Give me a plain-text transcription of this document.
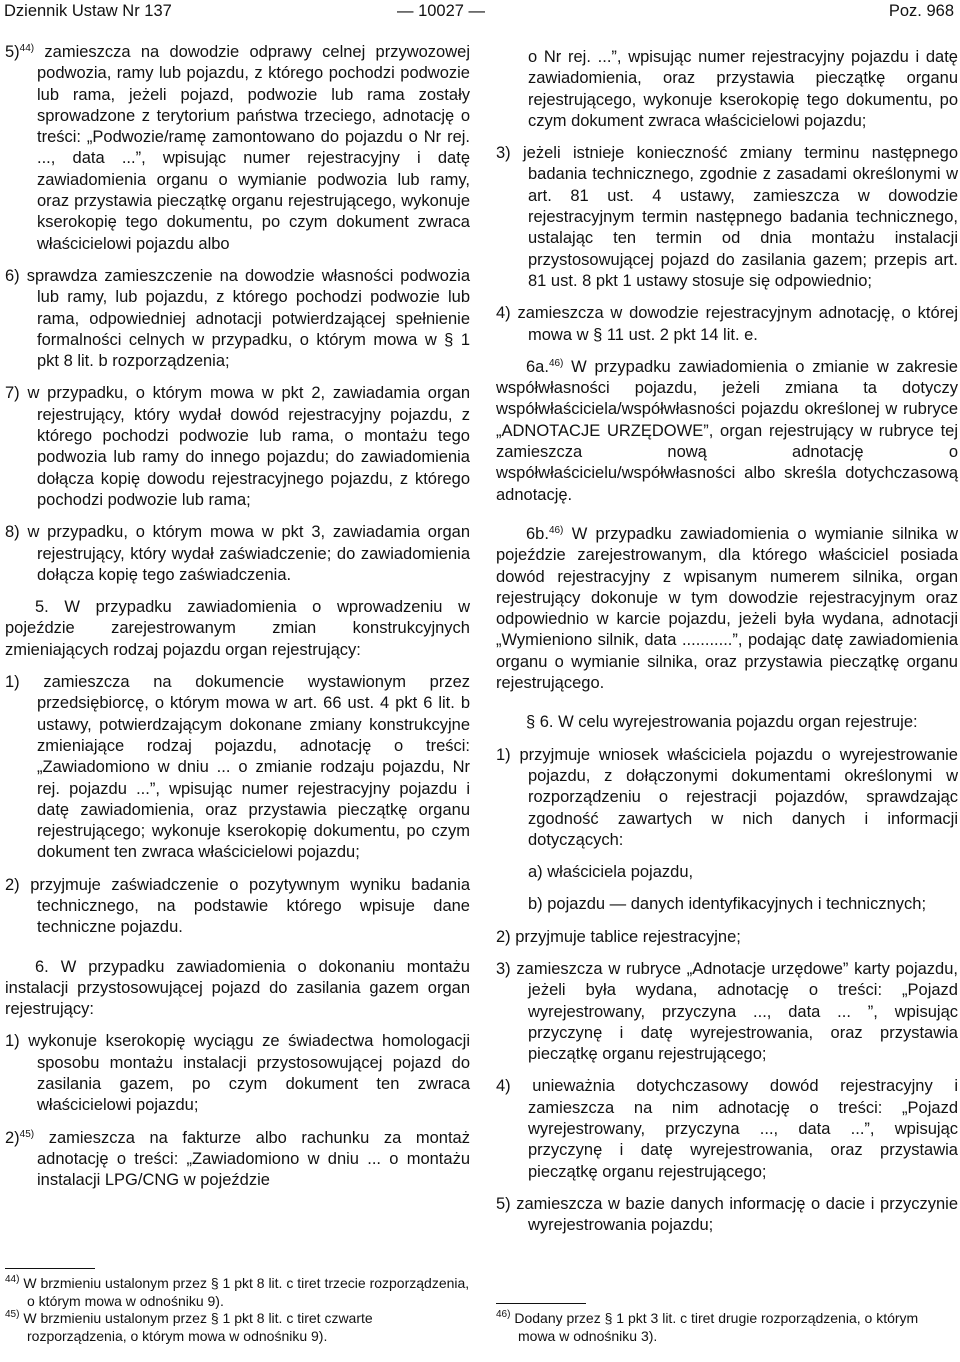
Dziennik Ustaw Nr 137	— 10027 —	Poz. 968

5)$^{44)}$ zamieszcza na dowodzie odprawy celnej przywozowej podwozia, ramy lub pojazdu, z którego pochodzi podwozie lub rama, jeżeli pojazd, podwozie lub rama zostały sprowadzone z terytorium państwa trzeciego, adnotację o treści: „Podwozie/ramę zamontowano do pojazdu o Nr rej. ..., data ...”, wpisując numer rejestracyjny i datę zawiadomienia organu o wymianie podwozia lub ramy, oraz przystawia pieczątkę organu rejestrującego, wykonuje kserokopię tego dokumentu, po czym dokument zwraca właścicielowi pojazdu albo

6) sprawdza zamieszczenie na dowodzie własności podwozia lub ramy, lub pojazdu, z którego pochodzi podwozie lub rama, odpowiedniej adnotacji potwierdzającej spełnienie formalności celnych w przypadku, o którym mowa w § 1 pkt 8 lit. b rozporządzenia;

7) w przypadku, o którym mowa w pkt 2, zawiadamia organ rejestrujący, który wydał dowód rejestracyjny pojazdu, z którego pochodzi podwozie lub rama, o montażu tego podwozia lub ramy do innego pojazdu; do zawiadomienia dołącza kopię dowodu rejestracyjnego pojazdu, z którego pochodzi podwozie lub rama;

8) w przypadku, o którym mowa w pkt 3, zawiadamia organ rejestrujący, który wydał zaświadczenie; do zawiadomienia dołącza kopię tego zaświadczenia.

5. W przypadku zawiadomienia o wprowadzeniu w pojeździe zarejestrowanym zmian konstrukcyjnych zmieniających rodzaj pojazdu organ rejestrujący:

1) zamieszcza na dokumencie wystawionym przez przedsiębiorcę, o którym mowa w art. 66 ust. 4 pkt 6 lit. b ustawy, potwierdzającym dokonane zmiany konstrukcyjne zmieniające rodzaj pojazdu, adnotację o treści: „Zawiadomiono w dniu ... o zmianie rodzaju pojazdu, Nr rej. pojazdu ...”, wpisując numer rejestracyjny pojazdu i datę zawiadomienia, oraz przystawia pieczątkę organu rejestrującego; wykonuje kserokopię dokumentu, po czym dokument ten zwraca właścicielowi pojazdu;

2) przyjmuje zaświadczenie o pozytywnym wyniku badania technicznego, na podstawie którego wpisuje dane techniczne pojazdu.

6. W przypadku zawiadomienia o dokonaniu montażu instalacji przystosowującej pojazd do zasilania gazem organ rejestrujący:

1) wykonuje kserokopię wyciągu ze świadectwa homologacji sposobu montażu instalacji przystosowującej pojazd do zasilania gazem, po czym dokument ten zwraca właścicielowi pojazdu;

2)$^{45)}$ zamieszcza na fakturze albo rachunku za montaż adnotację o treści: „Zawiadomiono w dniu ... o montażu instalacji LPG/CNG w pojeździe

$^{44)}$ W brzmieniu ustalonym przez § 1 pkt 8 lit. c tiret trzecie rozporządzenia, o którym mowa w odnośniku 9).

$^{45)}$ W brzmieniu ustalonym przez § 1 pkt 8 lit. c tiret czwarte rozporządzenia, o którym mowa w odnośniku 9).

o Nr rej. ...”, wpisując numer rejestracyjny pojazdu i datę zawiadomienia, oraz przystawia pieczątkę organu rejestrującego, wykonuje kserokopię tego dokumentu, po czym dokument zwraca właścicielowi pojazdu;

3) jeżeli istnieje konieczność zmiany terminu następnego badania technicznego, zgodnie z zasadami określonymi w art. 81 ust. 4 ustawy, zamieszcza w dowodzie rejestracyjnym termin następnego badania technicznego, ustalając ten termin od dnia montażu instalacji przystosowującej pojazd do zasilania gazem; przepis art. 81 ust. 8 pkt 1 ustawy stosuje się odpowiednio;

4) zamieszcza w dowodzie rejestracyjnym adnotację, o której mowa w § 11 ust. 2 pkt 14 lit. e.

6a.$^{46)}$ W przypadku zawiadomienia o zmianie w zakresie współwłasności pojazdu, jeżeli zmiana ta dotyczy współwłaściciela/współwłasności pojazdu określonej w rubryce „ADNOTACJE URZĘDOWE”, organ rejestrujący w rubryce tej zamieszcza nową adnotację o współwłaścicielu/współwłasności albo skreśla dotychczasową adnotację.

6b.$^{46)}$ W przypadku zawiadomienia o wymianie silnika w pojeździe zarejestrowanym, dla którego właściciel posiada dowód rejestracyjny z wpisanym numerem silnika, organ rejestrujący dokonuje w tym dowodzie rejestracyjnym oraz odpowiednio w karcie pojazdu, jeżeli była wydana, adnotacji „Wymieniono silnik, data ...........”, podając datę zawiadomienia organu o wymianie silnika, oraz przystawia pieczątkę organu rejestrującego.

§ 6. W celu wyrejestrowania pojazdu organ rejestruje:

1) przyjmuje wniosek właściciela pojazdu o wyrejestrowanie pojazdu, z dołączonymi dokumentami określonymi w rozporządzeniu o rejestracji pojazdów, sprawdzając zgodność zawartych w nich danych i informacji dotyczących:

a) właściciela pojazdu,

b) pojazdu — danych identyfikacyjnych i technicznych;

2) przyjmuje tablice rejestracyjne;

3) zamieszcza w rubryce „Adnotacje urzędowe” karty pojazdu, jeżeli była wydana, adnotację o treści: „Pojazd wyrejestrowany, przyczyna ..., data ... ”, wpisując przyczynę i datę wyrejestrowania, oraz przystawia pieczątkę organu rejestrującego;

4) unieważnia dotychczasowy dowód rejestracyjny i zamieszcza na nim adnotację o treści: „Pojazd wyrejestrowany, przyczyna ..., data ...”, wpisując przyczynę i datę wyrejestrowania, oraz przystawia pieczątkę organu rejestrującego;

5) zamieszcza w bazie danych informację o dacie i przyczynie wyrejestrowania pojazdu;

$^{46)}$ Dodany przez § 1 pkt 3 lit. c tiret drugie rozporządzenia, o którym mowa w odnośniku 3).
